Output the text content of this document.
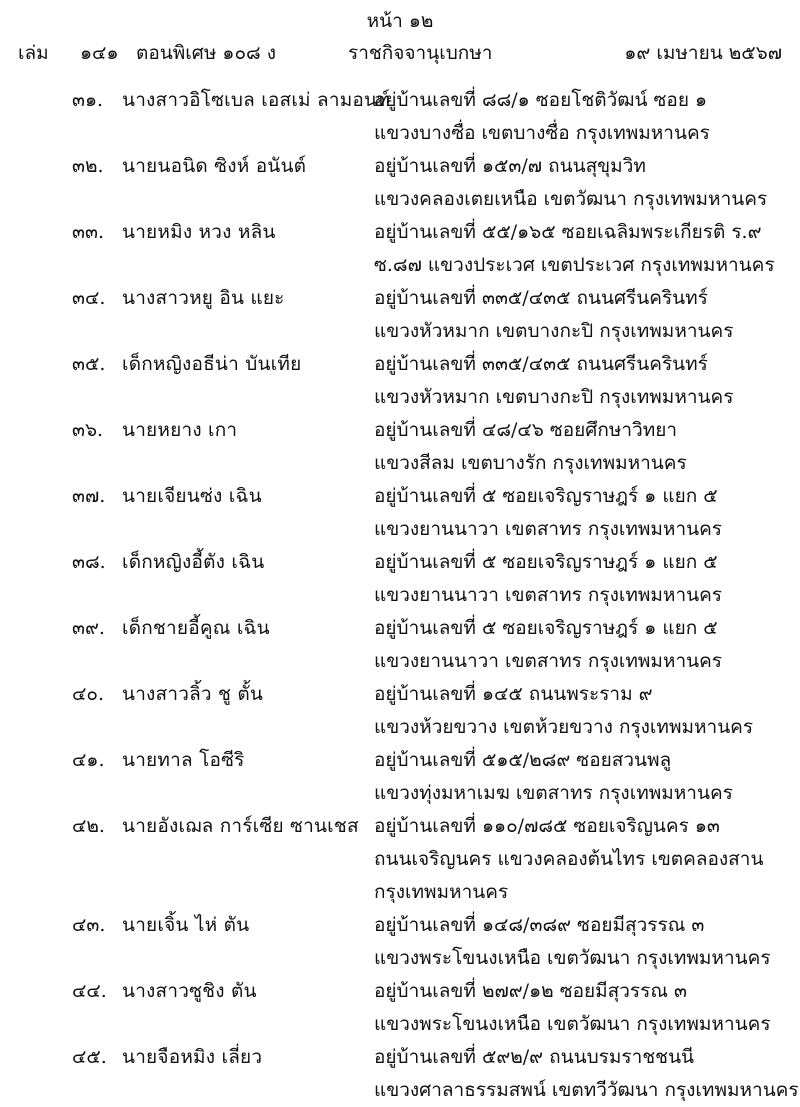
หน้า ๑๒
เล่ม ๑๔๑ ตอนพิเศษ ๑๐๘ ง	ราชกิจจานุเบกษา	๑๙ เมษายน ๒๕๖๗
๓๑. นางสาวอิโซเบล เอสเม่ ลามอนท์
อยู่บ้านเลขที่ ๘๘/๑ ซอยโชติวัฒน์ ซอย ๑
แขวงบางซื่อ เขตบางซื่อ กรุงเทพมหานคร
๓๒. นายนอนิด ซิงห์ อนันต์	อยู่บ้านเลขที่ ๑๕๓/๗ ถนนสุขุมวิท
แขวงคลองเตยเหนือ เขตวัฒนา กรุงเทพมหานคร
๓๓. นายหมิง หวง หลิน	อยู่บ้านเลขที่ ๕๕/๑๖๕ ซอยเฉลิมพระเกียรติ ร.๙
ซ.๘๗ แขวงประเวศ เขตประเวศ กรุงเทพมหานคร
๓๔. นางสาวหยู อิน แยะ	อยู่บ้านเลขที่ ๓๓๕/๔๓๕ ถนนศรีนครินทร์
แขวงหัวหมาก เขตบางกะปิ กรุงเทพมหานคร
๓๕. เด็กหญิงอธีน่า บันเทีย	อยู่บ้านเลขที่ ๓๓๕/๔๓๕ ถนนศรีนครินทร์
แขวงหัวหมาก เขตบางกะปิ กรุงเทพมหานคร
๓๖. นายหยาง เกา	อยู่บ้านเลขที่ ๔๘/๔๖ ซอยศึกษาวิทยา
แขวงสีลม เขตบางรัก กรุงเทพมหานคร
๓๗. นายเจียนซ่ง เฉิน	อยู่บ้านเลขที่ ๕ ซอยเจริญราษฎร์ ๑ แยก ๕
แขวงยานนาวา เขตสาทร กรุงเทพมหานคร
๓๘. เด็กหญิงอี้ตัง เฉิน	อยู่บ้านเลขที่ ๕ ซอยเจริญราษฎร์ ๑ แยก ๕
แขวงยานนาวา เขตสาทร กรุงเทพมหานคร
๓๙. เด็กชายอี้คูณ เฉิน	อยู่บ้านเลขที่ ๕ ซอยเจริญราษฎร์ ๑ แยก ๕
แขวงยานนาวา เขตสาทร กรุงเทพมหานคร
๔๐. นางสาวลิ้ว ชู ตั้น	อยู่บ้านเลขที่ ๑๔๕ ถนนพระราม ๙
แขวงห้วยขวาง เขตห้วยขวาง กรุงเทพมหานคร
๔๑. นายทาล โอซีริ	อยู่บ้านเลขที่ ๕๑๕/๒๘๙ ซอยสวนพลู
แขวงทุ่งมหาเมฆ เขตสาทร กรุงเทพมหานคร
๔๒. นายอังเฌล การ์เซีย ซานเชส อยู่บ้านเลขที่ ๑๑๐/๗๘๕ ซอยเจริญนคร ๑๓
ถนนเจริญนคร แขวงคลองต้นไทร เขตคลองสาน
กรุงเทพมหานคร
๔๓. นายเจิ้น ไห่ ตัน	อยู่บ้านเลขที่ ๑๔๘/๓๘๙ ซอยมีสุวรรณ ๓
แขวงพระโขนงเหนือ เขตวัฒนา กรุงเทพมหานคร
๔๔. นางสาวซูชิง ตัน	อยู่บ้านเลขที่ ๒๗๙/๑๒ ซอยมีสุวรรณ ๓
แขวงพระโขนงเหนือ เขตวัฒนา กรุงเทพมหานคร
๔๕. นายจือหมิง เลี่ยว	อยู่บ้านเลขที่ ๕๙๒/๙ ถนนบรมราชชนนี
แขวงศาลาธรรมสพน์ เขตทวีวัฒนา กรุงเทพมหานคร
